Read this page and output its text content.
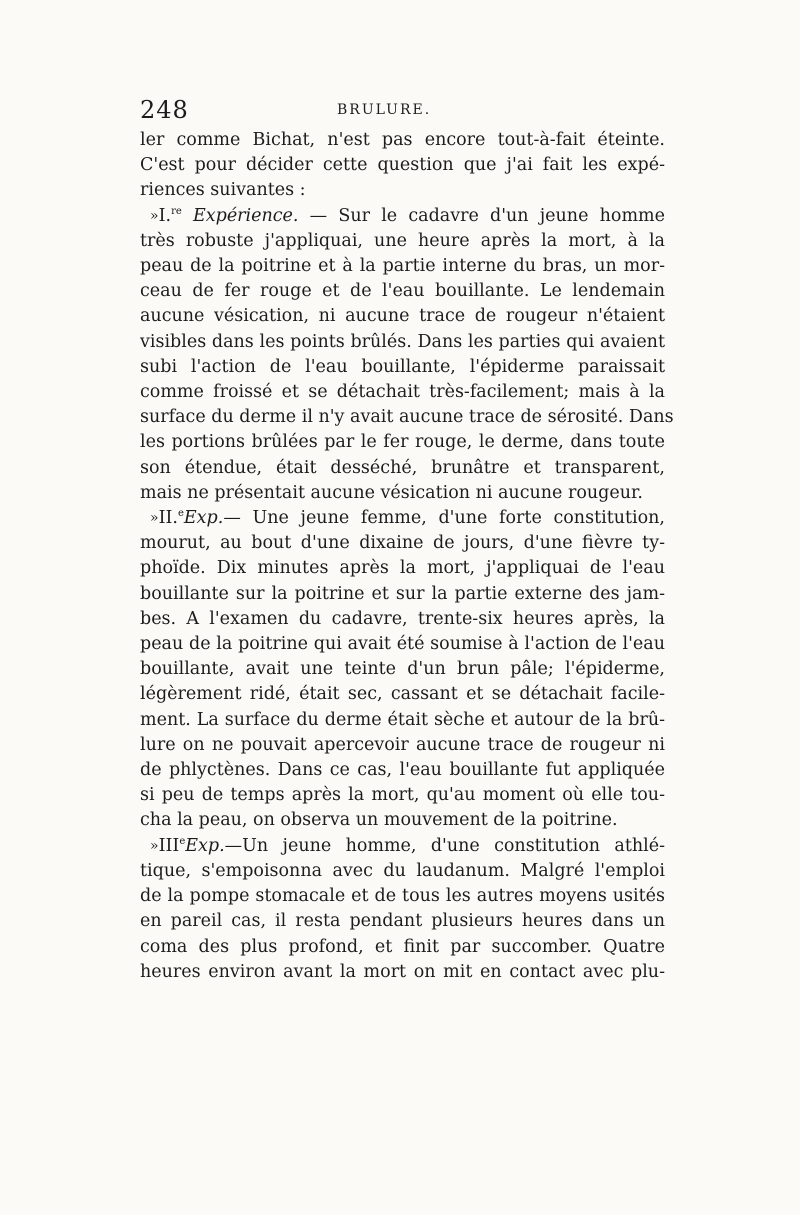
248	BRULURE.
ler comme Bichat, n'est pas encore tout-à-fait éteinte.
C'est pour décider cette question que j'ai fait les expé-
riences suivantes :
»I.$^{re}$ Expérience. — Sur le cadavre d'un jeune homme
très robuste j'appliquai, une heure après la mort, à la
peau de la poitrine et à la partie interne du bras, un mor-
ceau de fer rouge et de l'eau bouillante. Le lendemain
aucune vésication, ni aucune trace de rougeur n'étaient
visibles dans les points brûlés. Dans les parties qui avaient
subi l'action de l'eau bouillante, l'épiderme paraissait
comme froissé et se détachait très-facilement; mais à la
surface du derme il n'y avait aucune trace de sérosité. Dans
les portions brûlées par le fer rouge, le derme, dans toute
son étendue, était desséché, brunâtre et transparent,
mais ne présentait aucune vésication ni aucune rougeur.
»II.$^e$Exp.— Une jeune femme, d'une forte constitution,
mourut, au bout d'une dixaine de jours, d'une fièvre ty-
phoïde. Dix minutes après la mort, j'appliquai de l'eau
bouillante sur la poitrine et sur la partie externe des jam-
bes. A l'examen du cadavre, trente-six heures après, la
peau de la poitrine qui avait été soumise à l'action de l'eau
bouillante, avait une teinte d'un brun pâle; l'épiderme,
légèrement ridé, était sec, cassant et se détachait facile-
ment. La surface du derme était sèche et autour de la brû-
lure on ne pouvait apercevoir aucune trace de rougeur ni
de phlyctènes. Dans ce cas, l'eau bouillante fut appliquée
si peu de temps après la mort, qu'au moment où elle tou-
cha la peau, on observa un mouvement de la poitrine.
»IIIeExp.—Un jeune homme, d'une constitution athlé-
tique, s'empoisonna avec du laudanum. Malgré l'emploi
de la pompe stomacale et de tous les autres moyens usités
en pareil cas, il resta pendant plusieurs heures dans un
coma des plus profond, et finit par succomber. Quatre
heures environ avant la mort on mit en contact avec plu-
